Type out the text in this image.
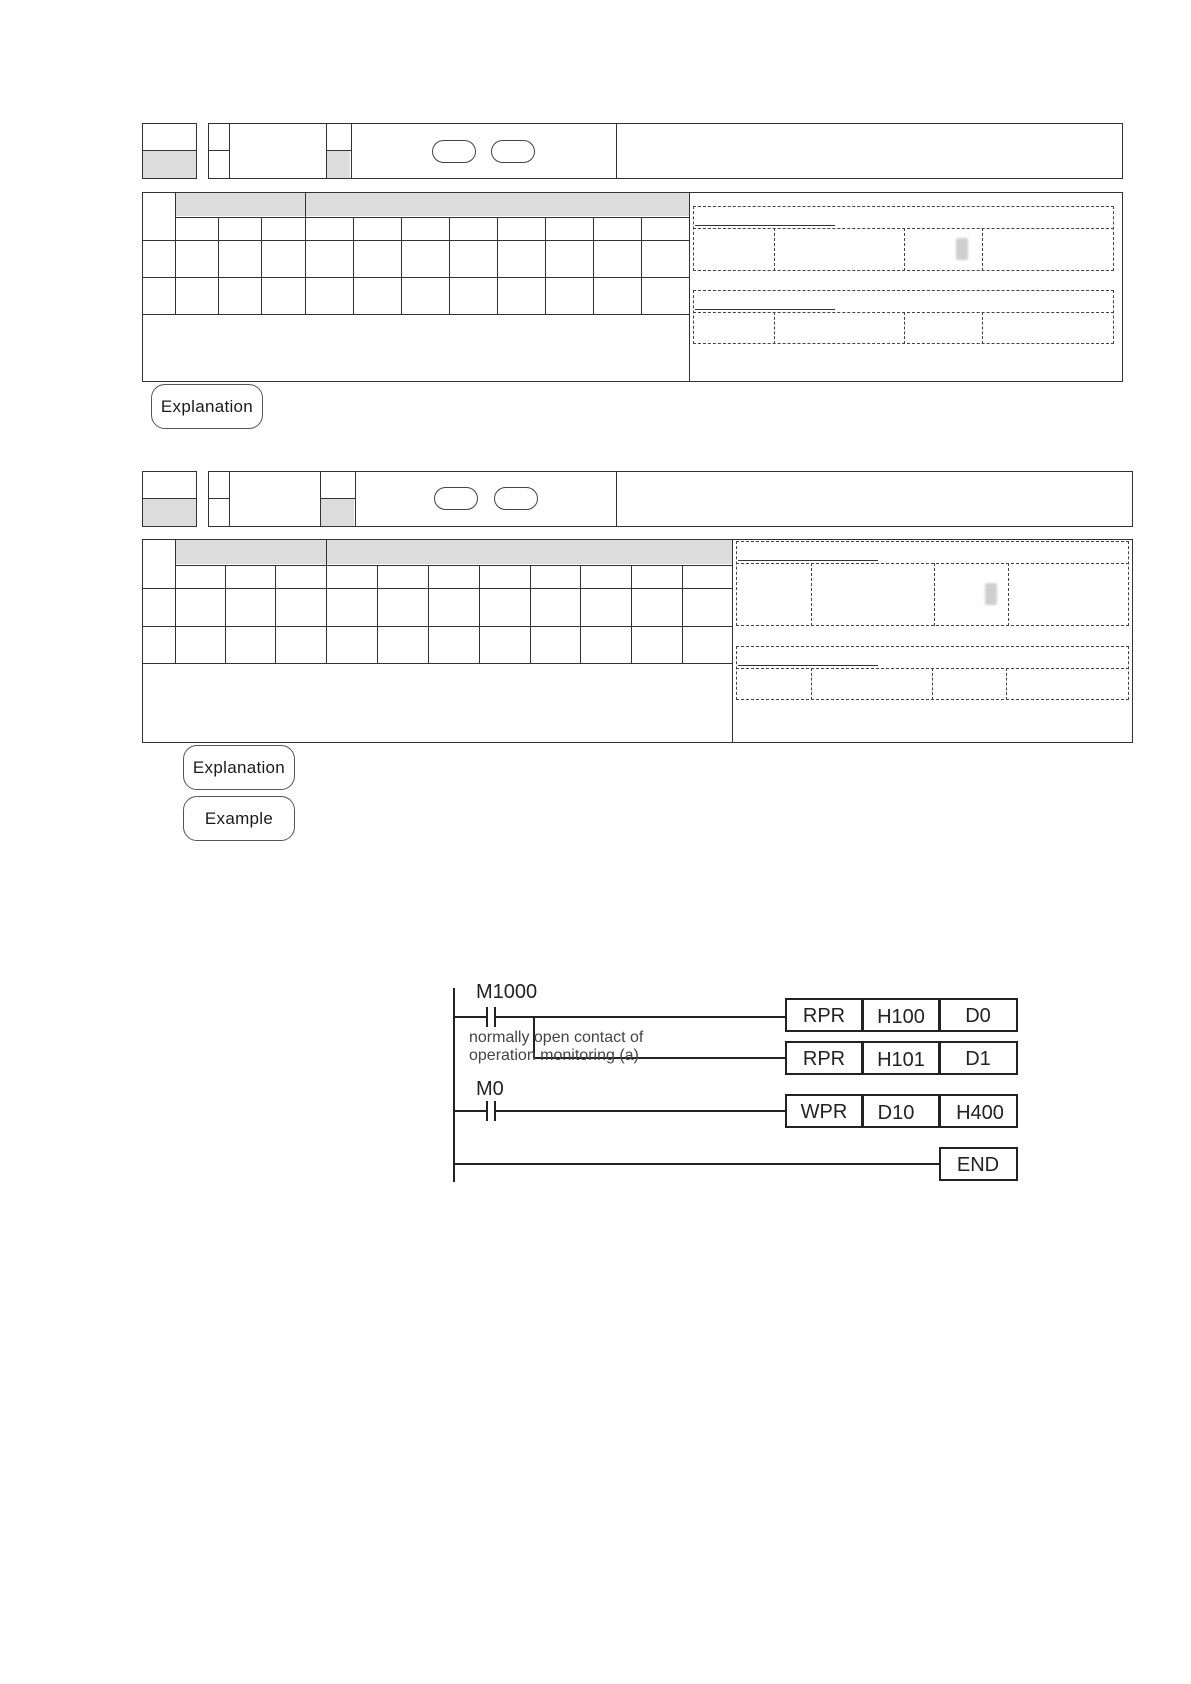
Explanation
Explanation
Example
M1000
normally open contact of
operation monitoring (a)
M0
RPR H100 D0
RPR H101 D1
WPR D10 H400
END
